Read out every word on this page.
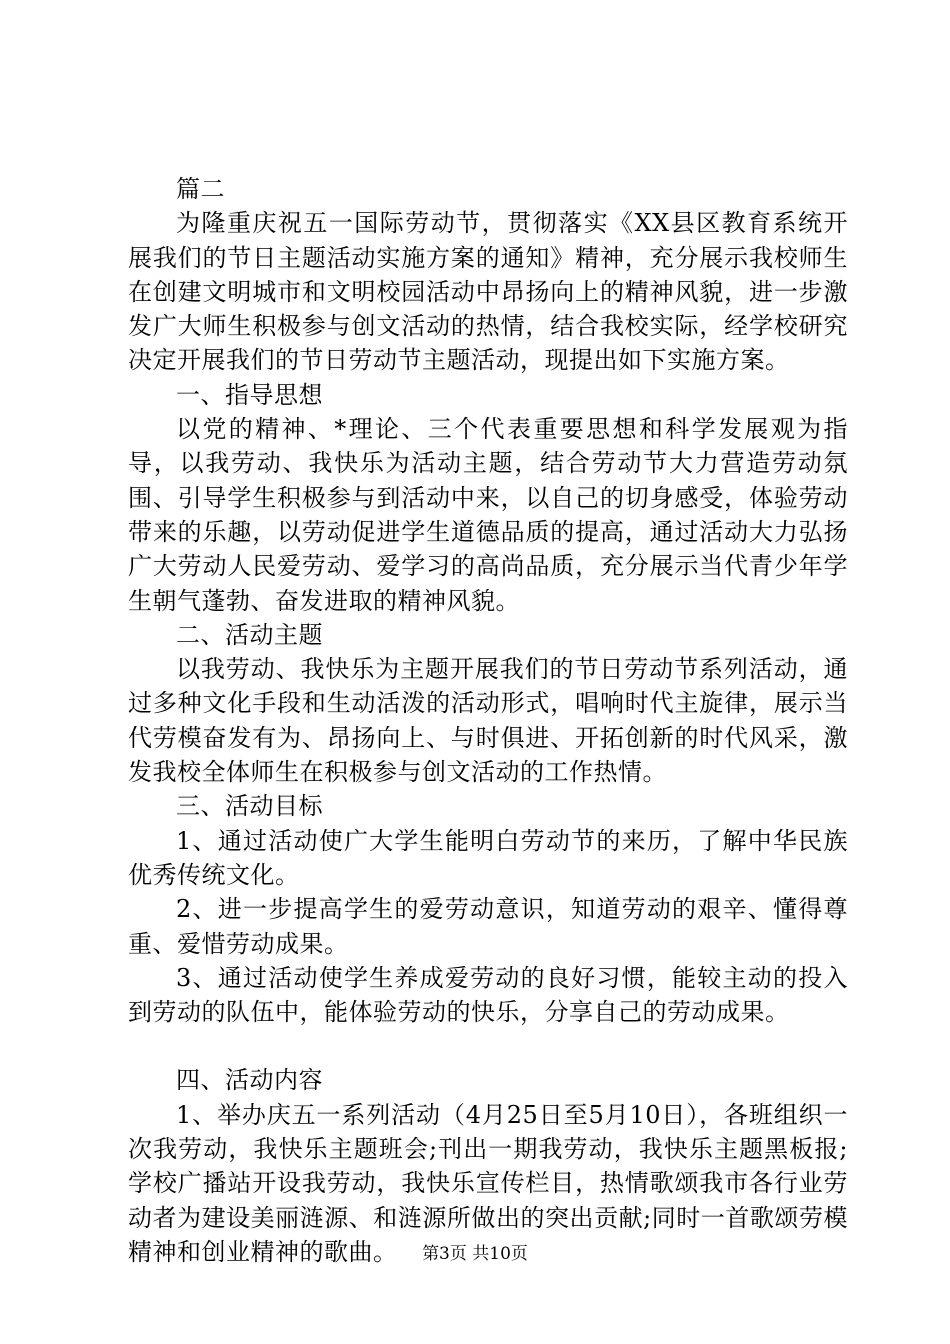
篇二

为隆重庆祝五一国际劳动节，贯彻落实《XX县区教育系统开展我们的节日主题活动实施方案的通知》精神，充分展示我校师生在创建文明城市和文明校园活动中昂扬向上的精神风貌，进一步激发广大师生积极参与创文活动的热情，结合我校实际，经学校研究决定开展我们的节日劳动节主题活动，现提出如下实施方案。

一、指导思想

以党的精神、*理论、三个代表重要思想和科学发展观为指导，以我劳动、我快乐为活动主题，结合劳动节大力营造劳动氛围、引导学生积极参与到活动中来，以自己的切身感受，体验劳动带来的乐趣，以劳动促进学生道德品质的提高，通过活动大力弘扬广大劳动人民爱劳动、爱学习的高尚品质，充分展示当代青少年学生朝气蓬勃、奋发进取的精神风貌。

二、活动主题

以我劳动、我快乐为主题开展我们的节日劳动节系列活动，通过多种文化手段和生动活泼的活动形式，唱响时代主旋律，展示当代劳模奋发有为、昂扬向上、与时俱进、开拓创新的时代风采，激发我校全体师生在积极参与创文活动的工作热情。

三、活动目标

1、通过活动使广大学生能明白劳动节的来历，了解中华民族优秀传统文化。

2、进一步提高学生的爱劳动意识，知道劳动的艰辛、懂得尊重、爱惜劳动成果。

3、通过活动使学生养成爱劳动的良好习惯，能较主动的投入到劳动的队伍中，能体验劳动的快乐，分享自己的劳动成果。

四、活动内容

1、举办庆五一系列活动（4月25日至5月10日），各班组织一次我劳动，我快乐主题班会;刊出一期我劳动，我快乐主题黑板报;学校广播站开设我劳动，我快乐宣传栏目，热情歌颂我市各行业劳动者为建设美丽涟源、和涟源所做出的突出贡献;同时一首歌颂劳模精神和创业精神的歌曲。	第3页 共10页
